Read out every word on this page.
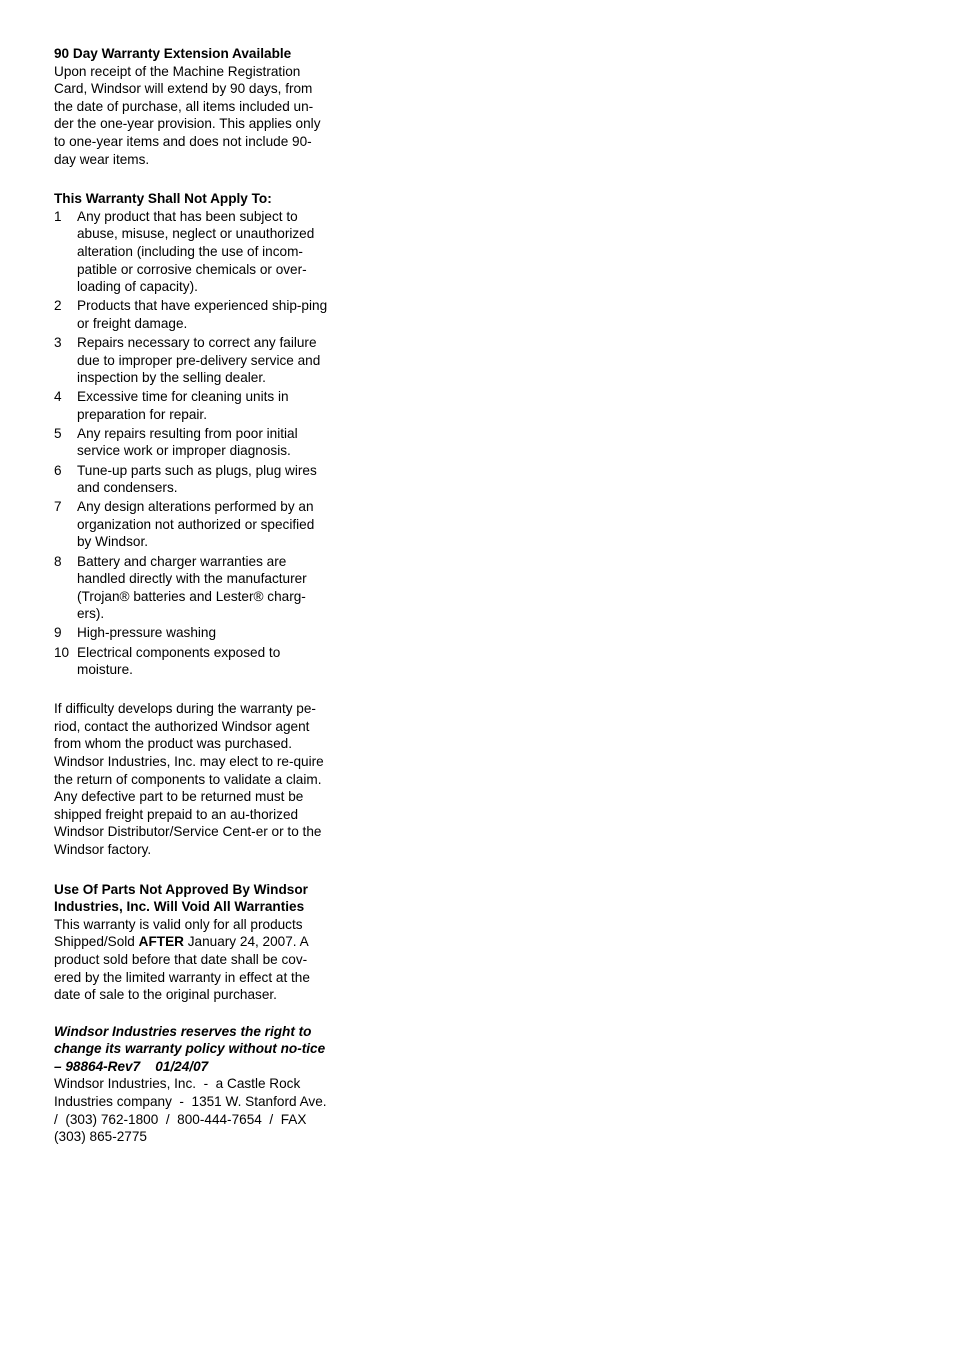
90 Day Warranty Extension Available

Upon receipt of the Machine Registration Card, Windsor will extend by 90 days, from the date of purchase, all items included un-der the one-year provision. This applies only to one-year items and does not include 90-day wear items.

This Warranty Shall Not Apply To:

1 Any product that has been subject to abuse, misuse, neglect or unauthorized alteration (including the use of incom-patible or corrosive chemicals or over-loading of capacity).
2 Products that have experienced ship-ping or freight damage.
3 Repairs necessary to correct any failure due to improper pre-delivery service and inspection by the selling dealer.
4 Excessive time for cleaning units in preparation for repair.
5 Any repairs resulting from poor initial service work or improper diagnosis.
6 Tune-up parts such as plugs, plug wires and condensers.
7 Any design alterations performed by an organization not authorized or specified by Windsor.
8 Battery and charger warranties are handled directly with the manufacturer (Trojan® batteries and Lester® charg-ers).
9 High-pressure washing
10 Electrical components exposed to moisture.

If difficulty develops during the warranty pe-riod, contact the authorized Windsor agent from whom the product was purchased. Windsor Industries, Inc. may elect to re-quire the return of components to validate a claim. Any defective part to be returned must be shipped freight prepaid to an au-thorized Windsor Distributor/Service Cent-er or to the Windsor factory.

Use Of Parts Not Approved By Windsor Industries, Inc. Will Void All Warranties

This warranty is valid only for all products Shipped/Sold AFTER January 24, 2007. A product sold before that date shall be cov-ered by the limited warranty in effect at the date of sale to the original purchaser.

Windsor Industries reserves the right to change its warranty policy without no-tice – 98864-Rev7    01/24/07

Windsor Industries, Inc.  -  a Castle Rock Industries company  -  1351 W. Stanford Ave.  /  (303) 762-1800  /  800-444-7654  /  FAX (303) 865-2775
